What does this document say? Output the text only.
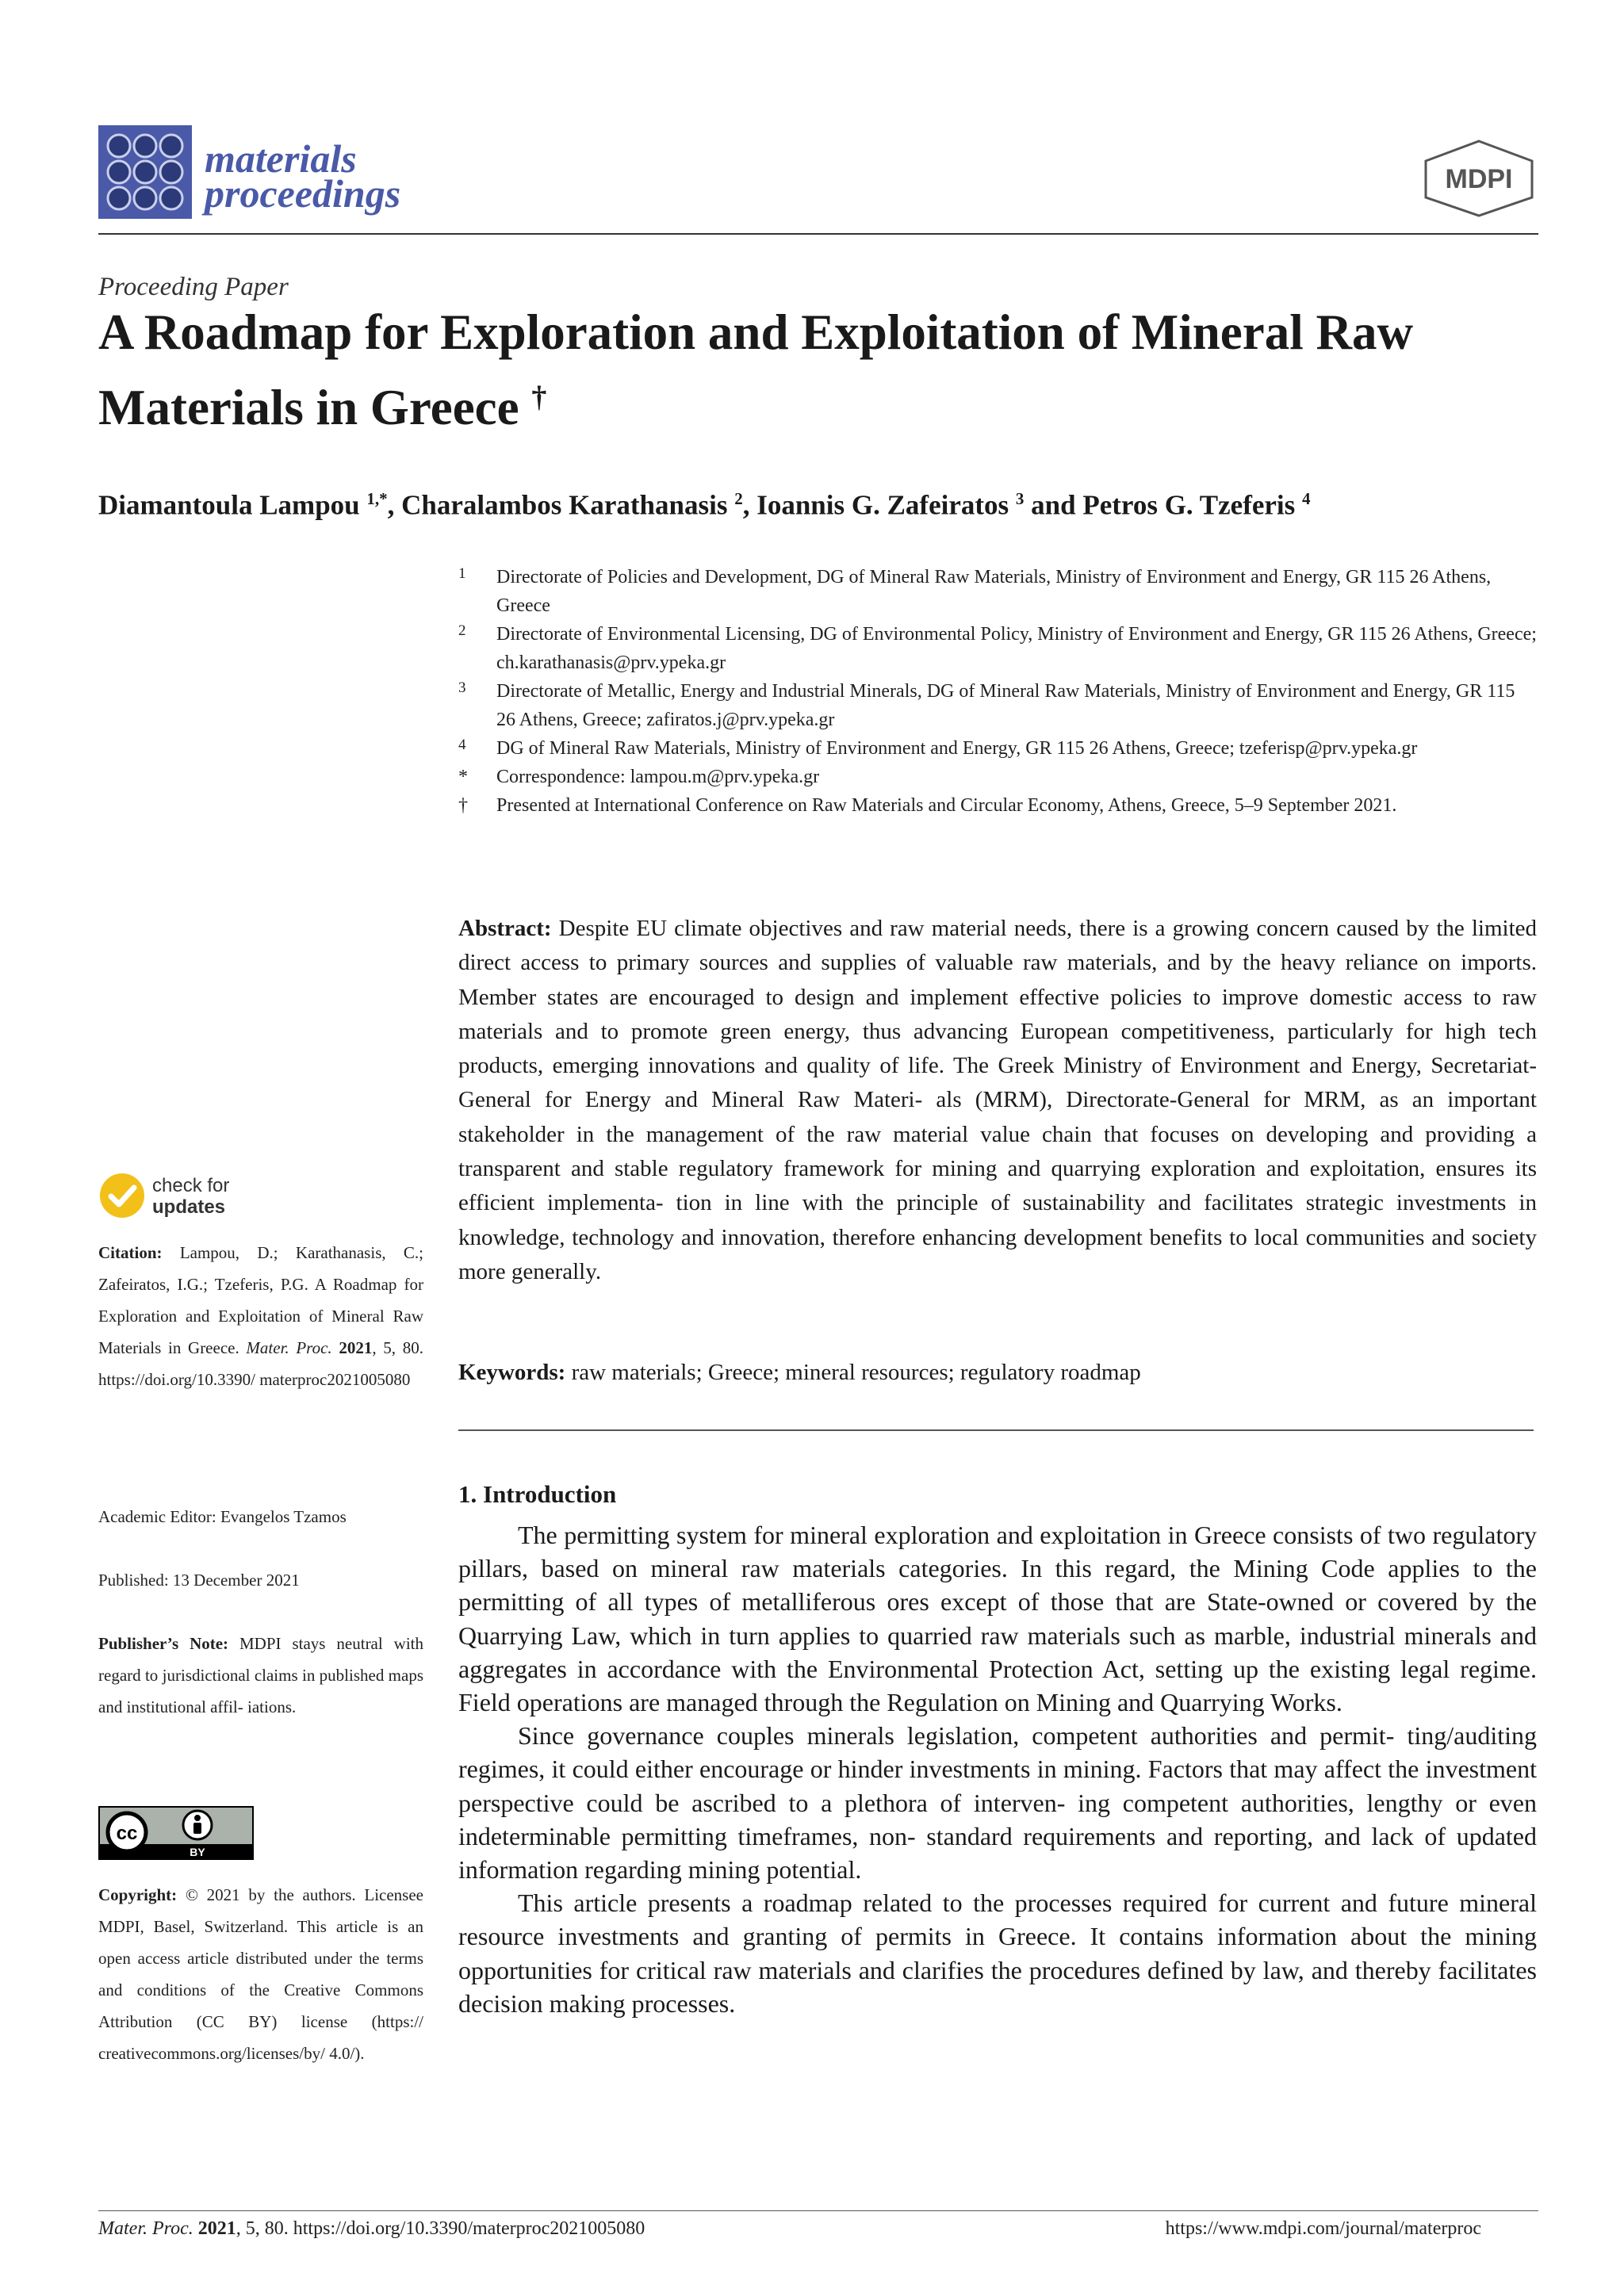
materials
proceedings	MDPI
Proceeding Paper
A Roadmap for Exploration and Exploitation of Mineral Raw Materials in Greece †
Diamantoula Lampou $^{1,*}$, Charalambos Karathanasis $^2$, Ioannis G. Zafeiratos $^3$ and Petros G. Tzeferis $^4$

1 Directorate of Policies and Development, DG of Mineral Raw Materials, Ministry of Environment and Energy, GR 115 26 Athens, Greece

2 Directorate of Environmental Licensing, DG of Environmental Policy, Ministry of Environment and Energy, GR 115 26 Athens, Greece; ch.karathanasis@prv.ypeka.gr

3 Directorate of Metallic, Energy and Industrial Minerals, DG of Mineral Raw Materials, Ministry of Environment and Energy, GR 115 26 Athens, Greece; zafiratos.j@prv.ypeka.gr

4 DG of Mineral Raw Materials, Ministry of Environment and Energy, GR 115 26 Athens, Greece; tzeferisp@prv.ypeka.gr

* Correspondence: lampou.m@prv.ypeka.gr

† Presented at International Conference on Raw Materials and Circular Economy, Athens, Greece, 5–9 September 2021.

Abstract: Despite EU climate objectives and raw material needs, there is a growing concern caused by the limited direct access to primary sources and supplies of valuable raw materials, and by the heavy reliance on imports. Member states are encouraged to design and implement effective policies to improve domestic access to raw materials and to promote green energy, thus advancing European competitiveness, particularly for high tech products, emerging innovations and quality of life. The Greek Ministry of Environment and Energy, Secretariat-General for Energy and Mineral Raw Materi- als (MRM), Directorate-General for MRM, as an important stakeholder in the management of the raw material value chain that focuses on developing and providing a transparent and stable regulatory framework for mining and quarrying exploration and exploitation, ensures its efficient implementa- tion in line with the principle of sustainability and facilitates strategic investments in knowledge, technology and innovation, therefore enhancing development benefits to local communities and society more generally.
Keywords: raw materials; Greece; mineral resources; regulatory roadmap
1. Introduction

The permitting system for mineral exploration and exploitation in Greece consists of two regulatory pillars, based on mineral raw materials categories. In this regard, the Mining Code applies to the permitting of all types of metalliferous ores except of those that are State-owned or covered by the Quarrying Law, which in turn applies to quarried raw materials such as marble, industrial minerals and aggregates in accordance with the Environmental Protection Act, setting up the existing legal regime. Field operations are managed through the Regulation on Mining and Quarrying Works.

Since governance couples minerals legislation, competent authorities and permit- ting/auditing regimes, it could either encourage or hinder investments in mining. Factors that may affect the investment perspective could be ascribed to a plethora of interven- ing competent authorities, lengthy or even indeterminable permitting timeframes, non- standard requirements and reporting, and lack of updated information regarding mining potential.

This article presents a roadmap related to the processes required for current and future mineral resource investments and granting of permits in Greece. It contains information about the mining opportunities for critical raw materials and clarifies the procedures defined by law, and thereby facilitates decision making processes.

check for
updates
Citation: Lampou, D.; Karathanasis, C.; Zafeiratos, I.G.; Tzeferis, P.G. A Roadmap for Exploration and Exploitation of Mineral Raw Materials in Greece. Mater. Proc. 2021, 5, 80. https://doi.org/10.3390/ materproc2021005080
Academic Editor: Evangelos Tzamos
Published: 13 December 2021
Publisher’s Note: MDPI stays neutral with regard to jurisdictional claims in published maps and institutional affil- iations.
cc
BY
Copyright: © 2021 by the authors. Licensee MDPI, Basel, Switzerland. This article is an open access article distributed under the terms and conditions of the Creative Commons Attribution (CC BY) license (https:// creativecommons.org/licenses/by/ 4.0/).
Mater. Proc. 2021, 5, 80. https://doi.org/10.3390/materproc2021005080	https://www.mdpi.com/journal/materproc
